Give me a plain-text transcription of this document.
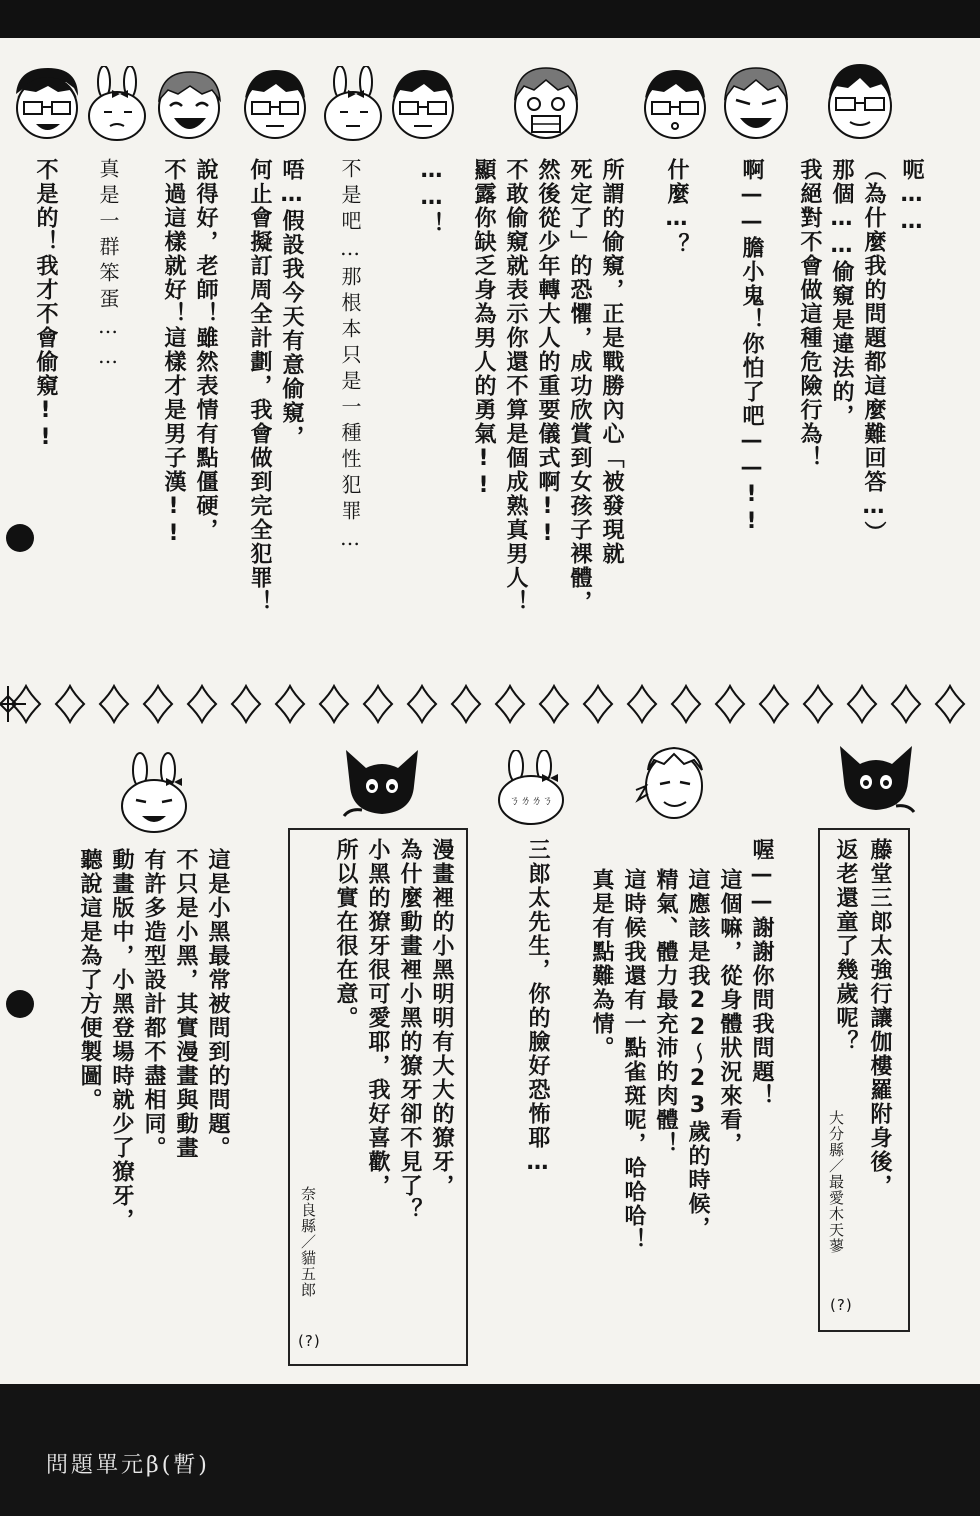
呃……
（為什麼我的問題都這麼難回答…）
那個……偷窺是違法的，
我絕對不會做這種危險行為！
啊——膽小鬼！你怕了吧——!!
什麼…？
所謂的偷窺，正是戰勝內心「被發現就
死定了」的恐懼，成功欣賞到女孩子裸體，
然後從少年轉大人的重要儀式啊!!
不敢偷窺就表示你還不算是個成熟真男人！
顯露你缺乏身為男人的勇氣!!
……！
不是吧…那根本只是一種性犯罪…
唔…假設我今天有意偷窺，
何止會擬訂周全計劃，我會做到完全犯罪！
說得好，老師！雖然表情有點僵硬，
不過這樣就好！這樣才是男子漢!!
真是一群笨蛋……
不是的！我才不會偷窺!!
藤堂三郎太強行讓伽樓羅附身後，
返老還童了幾歲呢？
大分縣／最愛木天蓼
(?)
喔——謝謝你問我問題！
這個嘛，從身體狀況來看，
這應該是我22～23歲的時候，
精氣、體力最充沛的肉體！
這時候我還有一點雀斑呢，哈哈哈！
真是有點難為情。
ㄋㄌㄌㄋ
三郎太先生，你的臉好恐怖耶…
漫畫裡的小黑明明有大大的獠牙，
為什麼動畫裡小黑的獠牙卻不見了？
小黑的獠牙很可愛耶，我好喜歡，
所以實在很在意。
奈良縣／貓五郎
(?)
這是小黑最常被問到的問題。
不只是小黑，其實漫畫與動畫
有許多造型設計都不盡相同。
動畫版中，小黑登場時就少了獠牙，
聽說這是為了方便製圖。
問題單元β(暫)
